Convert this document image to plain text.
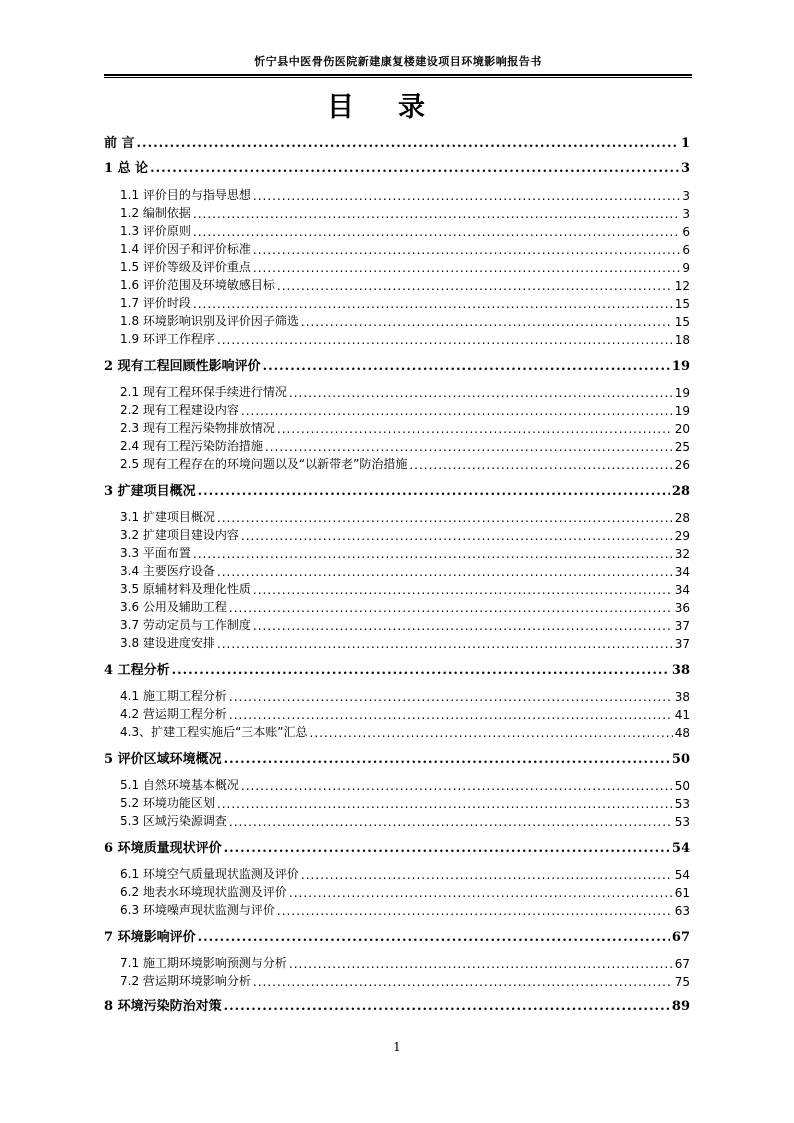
忻宁县中医骨伤医院新建康复楼建设项目环境影响报告书
目录
前 言 .....	1
1 总 论 .....	3
1.1 评价目的与指导思想 .....	3
1.2 编制依据 .....	3
1.3 评价原则 .....	6
1.4 评价因子和评价标准 .....	6
1.5 评价等级及评价重点 .....	9
1.6 评价范围及环境敏感目标 .....	12
1.7 评价时段 .....	15
1.8 环境影响识别及评价因子筛选 .....	15
1.9 环评工作程序 .....	18
2 现有工程回顾性影响评价 .....	19
2.1 现有工程环保手续进行情况 .....	19
2.2 现有工程建设内容 .....	19
2.3 现有工程污染物排放情况 .....	20
2.4 现有工程污染防治措施 .....	25
2.5 现有工程存在的环境问题以及“以新带老”防治措施 .....	26
3 扩建项目概况 .....	28
3.1 扩建项目概况 .....	28
3.2 扩建项目建设内容 .....	29
3.3 平面布置 .....	32
3.4 主要医疗设备 .....	34
3.5 原辅材料及理化性质 .....	34
3.6 公用及辅助工程 .....	36
3.7 劳动定员与工作制度 .....	37
3.8 建设进度安排 .....	37
4 工程分析 .....	38
4.1 施工期工程分析 .....	38
4.2 营运期工程分析 .....	41
4.3、扩建工程实施后“三本账”汇总 .....	48
5 评价区域环境概况 .....	50
5.1 自然环境基本概况 .....	50
5.2 环境功能区划 .....	53
5.3 区域污染源调查 .....	53
6 环境质量现状评价 .....	54
6.1 环境空气质量现状监测及评价 .....	54
6.2 地表水环境现状监测及评价 .....	61
6.3 环境噪声现状监测与评价 .....	63
7 环境影响评价 .....	67
7.1 施工期环境影响预测与分析 .....	67
7.2 营运期环境影响分析 .....	75
8 环境污染防治对策 .....	89
1
